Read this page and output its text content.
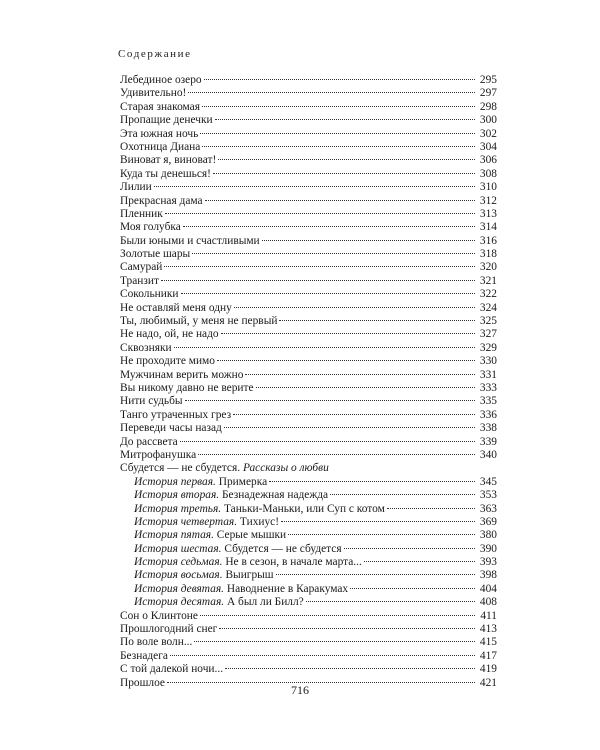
Содержание
Лебединое озеро	295
Удивительно!	297
Старая знакомая	298
Пропащие денечки	300
Эта южная ночь	302
Охотница Диана	304
Виноват я, виноват!	306
Куда ты денешься!	308
Лилии	310
Прекрасная дама	312
Пленник	313
Моя голубка	314
Были юными и счастливыми	316
Золотые шары	318
Самурай	320
Транзит	321
Сокольники	322
Не оставляй меня одну	324
Ты, любимый, у меня не первый	325
Не надо, ой, не надо	327
Сквозняки	329
Не проходите мимо	330
Мужчинам верить можно	331
Вы никому давно не верите	333
Нити судьбы	335
Танго утраченных грез	336
Переведи часы назад	338
До рассвета	339
Митрофанушка	340
Сбудется — не сбудется. Рассказы о любви
История первая. Примерка	345
История вторая. Безнадежная надежда	353
История третья. Таньки-Маньки, или Суп с котом	363
История четвертая. Тихиус!	369
История пятая. Серые мышки	380
История шестая. Сбудется — не сбудется	390
История седьмая. Не в сезон, в начале марта...	393
История восьмая. Выигрыш	398
История девятая. Наводнение в Каракумах	404
История десятая. А был ли Билл?	408
Сон о Клинтоне	411
Прошлогодний снег	413
По воле волн...	415
Безнадега	417
С той далекой ночи...	419
Прошлое	421
716
